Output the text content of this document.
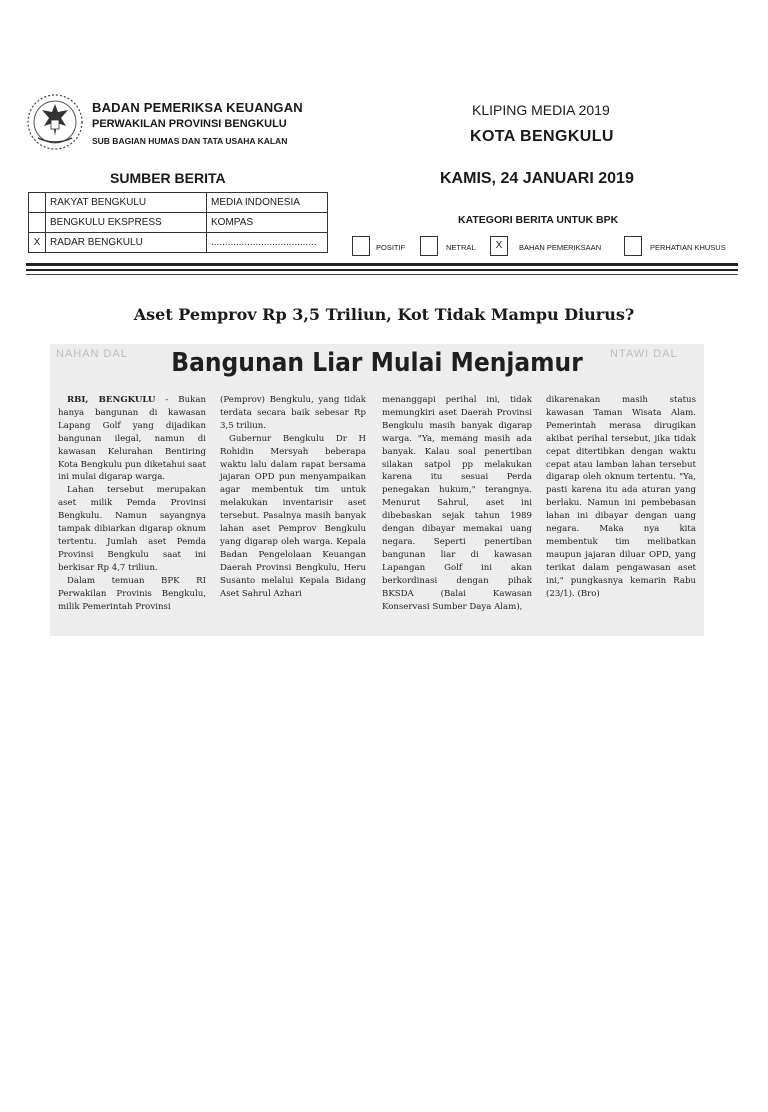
BADAN PEMERIKSA KEUANGAN
PERWAKILAN PROVINSI BENGKULU
SUB BAGIAN HUMAS DAN TATA USAHA KALAN
KLIPING MEDIA 2019
KOTA BENGKULU
SUMBER BERITA	KAMIS, 24 JANUARI 2019
	RAKYAT BENGKULU	MEDIA INDONESIA
	BENGKULU EKSPRESS	KOMPAS
X	RADAR BENGKULU	......................................
KATEGORI BERITA UNTUK BPK
POSITIF	NETRAL	X	BAHAN PEMERIKSAAN	PERHATIAN KHUSUS
Aset Pemprov Rp 3,5 Triliun, Kot Tidak Mampu Diurus?
NAHAN DAL	NTAWI DAL
Bangunan Liar Mulai Menjamur

RBI, BENGKULU - Bukan hanya bangunan di kawasan Lapang Golf yang dijadikan bangunan ilegal, namun di kawasan Kelurahan Bentiring Kota Bengkulu pun diketahui saat ini mulai digarap warga.

Lahan tersebut merupakan aset milik Pemda Provinsi Bengkulu. Namun sayangnya tampak dibiarkan digarap oknum tertentu. Jumlah aset Pemda Provinsi Bengkulu saat ini berkisar Rp 4,7 triliun.

Dalam temuan BPK RI Perwakilan Provinis Bengkulu, milik Pemerintah Provinsi

(Pemprov) Bengkulu, yang tidak terdata secara baik sebesar Rp 3,5 triliun.

Gubernur Bengkulu Dr H Rohidin Mersyah beberapa waktu lalu dalam rapat bersama jajaran OPD pun menyampaikan agar membentuk tim untuk melakukan inventarisir aset tersebut. Pasalnya masih banyak lahan aset Pemprov Bengkulu yang digarap oleh warga. Kepala Badan Pengelolaan Keuangan Daerah Provinsi Bengkulu, Heru Susanto melalui Kepala Bidang Aset Sahrul Azhari

menanggapi perihal ini, tidak memungkiri aset Daerah Provinsi Bengkulu masih banyak digarap warga. "Ya, memang masih ada banyak. Kalau soal penertiban silakan satpol pp melakukan karena itu sesuai Perda penegakan hukum," terangnya. Menurut Sahrul, aset ini dibebaskan sejak tahun 1989 dengan dibayar memakai uang negara. Seperti penertiban bangunan liar di kawasan Lapangan Golf ini akan berkordinasi dengan pihak BKSDA (Balai Kawasan Konservasi Sumber Daya Alam),

dikarenakan masih status kawasan Taman Wisata Alam. Pemerintah merasa dirugikan akibat perihal tersebut, jika tidak cepat ditertibkan dengan waktu cepat atau lamban lahan tersebut digarap oleh oknum tertentu. "Ya, pasti karena itu ada aturan yang berlaku. Namun ini pembebasan lahan ini dibayar dengan uang negara. Maka nya kita membentuk tim melibatkan maupun jajaran diluar OPD, yang terikat dalam pengawasan aset ini," pungkasnya kemarin Rabu (23/1). (Bro)
